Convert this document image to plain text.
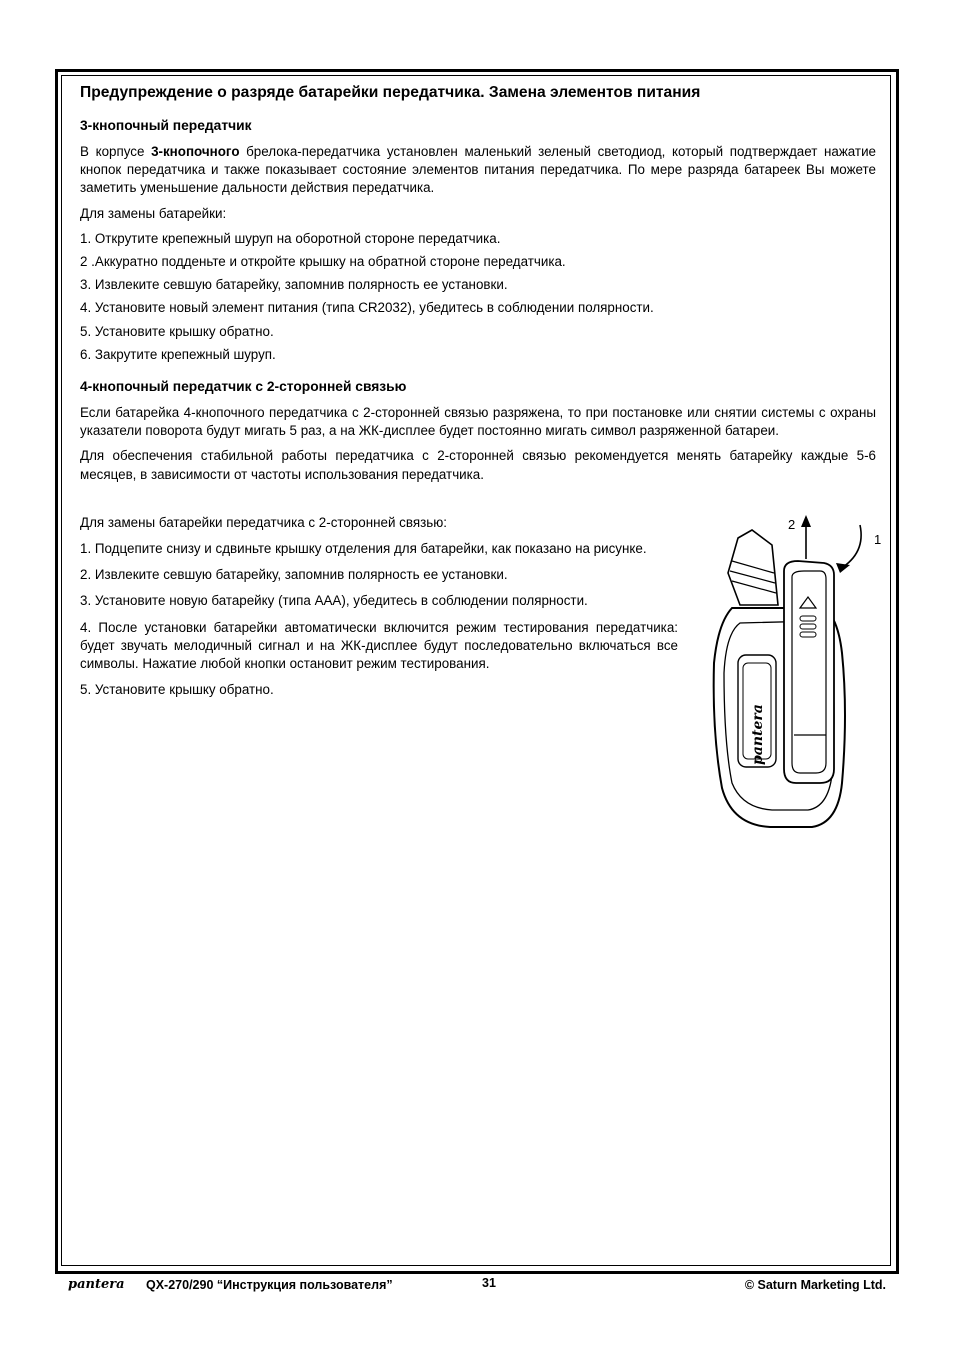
Предупреждение о разряде батарейки передатчика. Замена элементов питания
3-кнопочный передатчик

В корпусе 3-кнопочного брелока-передатчика установлен маленький зеленый светодиод, который подтверждает нажатие кнопок передатчика и также показывает состояние элементов питания передатчика. По мере разряда батареек Вы можете заметить уменьшение дальности действия передатчика.

Для замены батарейки:

1. Открутите крепежный шуруп на оборотной стороне передатчика.

2 .Аккуратно подденьте и откройте крышку на обратной стороне передатчика.

3. Извлеките севшую батарейку, запомнив полярность ее установки.

4. Установите новый элемент питания (типа CR2032), убедитесь в соблюдении полярности.

5. Установите крышку обратно.

6. Закрутите крепежный шуруп.

4-кнопочный передатчик с 2-сторонней связью

Если батарейка 4-кнопочного передатчика с 2-сторонней связью разряжена, то при постановке или снятии системы с охраны указатели поворота будут мигать 5 раз, а на ЖК-дисплее будет постоянно мигать символ разряженной батареи.

Для обеспечения стабильной работы передатчика с 2-сторонней связью рекомендуется менять батарейку каждые 5-6 месяцев, в зависимости от частоты использования передатчика.

Для замены батарейки передатчика с 2-сторонней связью:

1. Подцепите снизу и сдвиньте крышку отделения для батарейки, как показано на рисунке.

2. Извлеките севшую батарейку, запомнив полярность ее установки.

3. Установите новую батарейку (типа AAA), убедитесь в соблюдении полярности.

4. После установки батарейки автоматически включится режим тестирования передатчика: будет звучать мелодичный сигнал и на ЖК-дисплее будут последовательно включаться все символы. Нажатие любой кнопки остановит режим тестирования.

5. Установите крышку обратно.

2
1
pantera
pantera QX-270/290 “Инструкция пользователя”	31	© Saturn Marketing Ltd.
